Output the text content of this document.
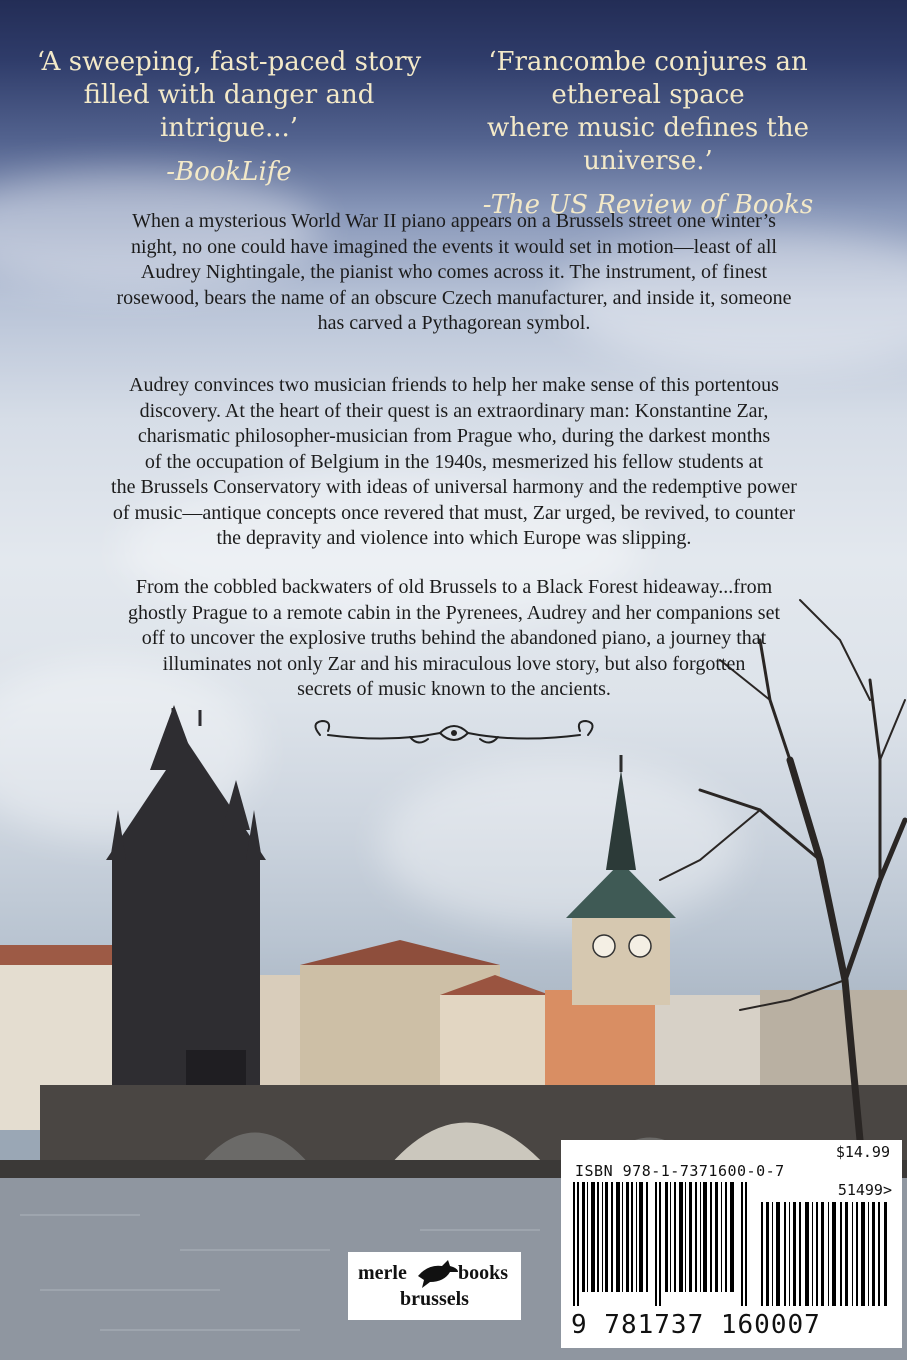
‘A sweeping, fast-paced story
filled with danger and intrigue...’
-BookLife
‘Francombe conjures an ethereal space
where music defines the universe.’
-The US Review of Books
When a mysterious World War II piano appears on a Brussels street one winter’s
night, no one could have imagined the events it would set in motion—least of all
Audrey Nightingale, the pianist who comes across it. The instrument, of finest
rosewood, bears the name of an obscure Czech manufacturer, and inside it, someone
has carved a Pythagorean symbol.
Audrey convinces two musician friends to help her make sense of this portentous
discovery. At the heart of their quest is an extraordinary man: Konstantine Zar,
charismatic philosopher-musician from Prague who, during the darkest months
of the occupation of Belgium in the 1940s, mesmerized his fellow students at
the Brussels Conservatory with ideas of universal harmony and the redemptive power
of music—antique concepts once revered that must, Zar urged, be revived, to counter
the depravity and violence into which Europe was slipping.
From the cobbled backwaters of old Brussels to a Black Forest hideaway...from
ghostly Prague to a remote cabin in the Pyrenees, Audrey and her companions set
off to uncover the explosive truths behind the abandoned piano, a journey that
illuminates not only Zar and his miraculous love story, but also forgotten
secrets of music known to the ancients.
$14.99
ISBN 978-1-7371600-0-7
51499>
9 781737 160007
merle	books
brussels
